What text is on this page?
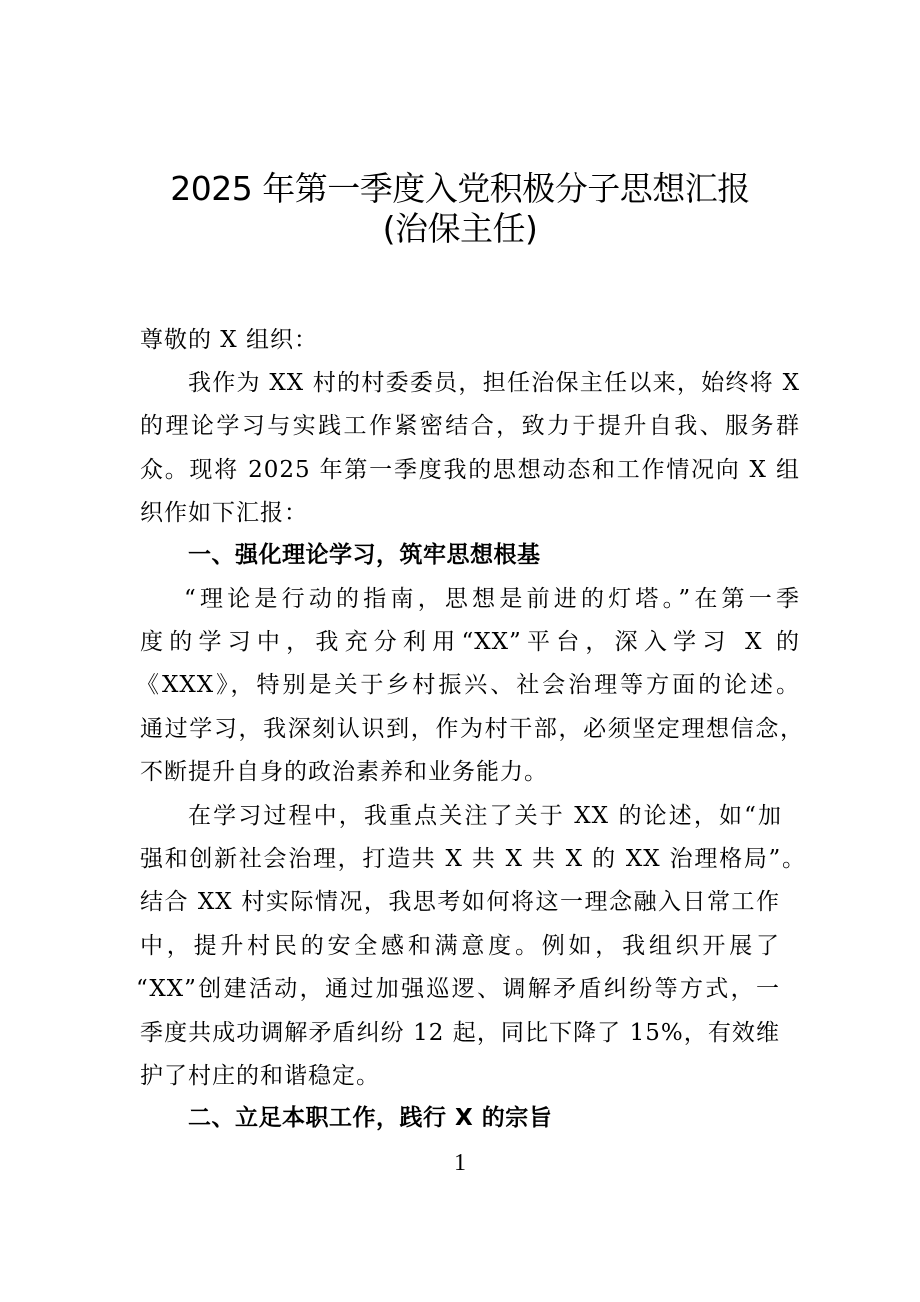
2025 年第一季度入党积极分子思想汇报
(治保主任)
尊敬的 X 组织：
我作为 XX 村的村委委员，担任治保主任以来，始终将 X
的理论学习与实践工作紧密结合，致力于提升自我、服务群
众。现将 2025 年第一季度我的思想动态和工作情况向 X 组
织作如下汇报：
一、强化理论学习，筑牢思想根基
“理论是行动的指南，思想是前进的灯塔。”在第一季
度的学习中，我充分利用“XX”平台，深入学习 X 的
《XXX》，特别是关于乡村振兴、社会治理等方面的论述。
通过学习，我深刻认识到，作为村干部，必须坚定理想信念，
不断提升自身的政治素养和业务能力。
在学习过程中，我重点关注了关于 XX 的论述，如“加
强和创新社会治理，打造共 X 共 X 共 X 的 XX 治理格局”。
结合 XX 村实际情况，我思考如何将这一理念融入日常工作
中，提升村民的安全感和满意度。例如，我组织开展了
“XX”创建活动，通过加强巡逻、调解矛盾纠纷等方式，一
季度共成功调解矛盾纠纷 12 起，同比下降了 15%，有效维
护了村庄的和谐稳定。
二、立足本职工作，践行 X 的宗旨
1
